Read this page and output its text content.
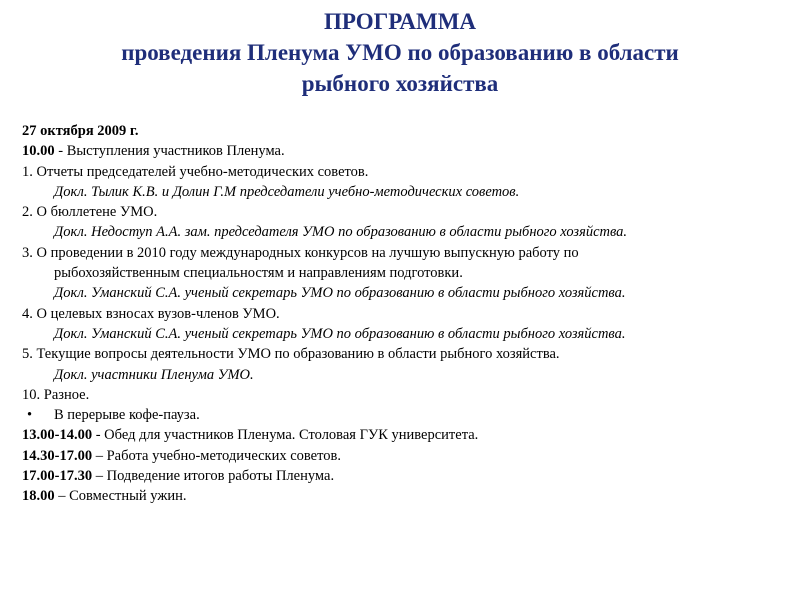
ПРОГРАММА
проведения Пленума УМО по образованию в области
рыбного хозяйства
27 октября 2009 г.
10.00 - Выступления участников Пленума.
1. Отчеты председателей учебно-методических советов.
Докл. Тылик К.В. и Долин Г.М председатели учебно-методических советов.
2. О бюллетене УМО.
Докл. Недоступ А.А. зам. председателя УМО по образованию в области рыбного хозяйства.
3. О проведении в 2010 году международных конкурсов на лучшую выпускную работу по
рыбохозяйственным специальностям и направлениям подготовки.
Докл. Уманский С.А. ученый секретарь УМО по образованию в области рыбного хозяйства.
4. О целевых взносах вузов-членов УМО.
Докл. Уманский С.А. ученый секретарь УМО по образованию в области рыбного хозяйства.
5. Текущие вопросы деятельности УМО по образованию в области рыбного хозяйства.
Докл. участники Пленума УМО.
10. Разное.
• В перерыве кофе-пауза.
13.00-14.00 - Обед для участников Пленума. Столовая ГУК университета.
14.30-17.00 – Работа учебно-методических советов.
17.00-17.30 – Подведение итогов работы Пленума.
18.00 – Совместный ужин.
